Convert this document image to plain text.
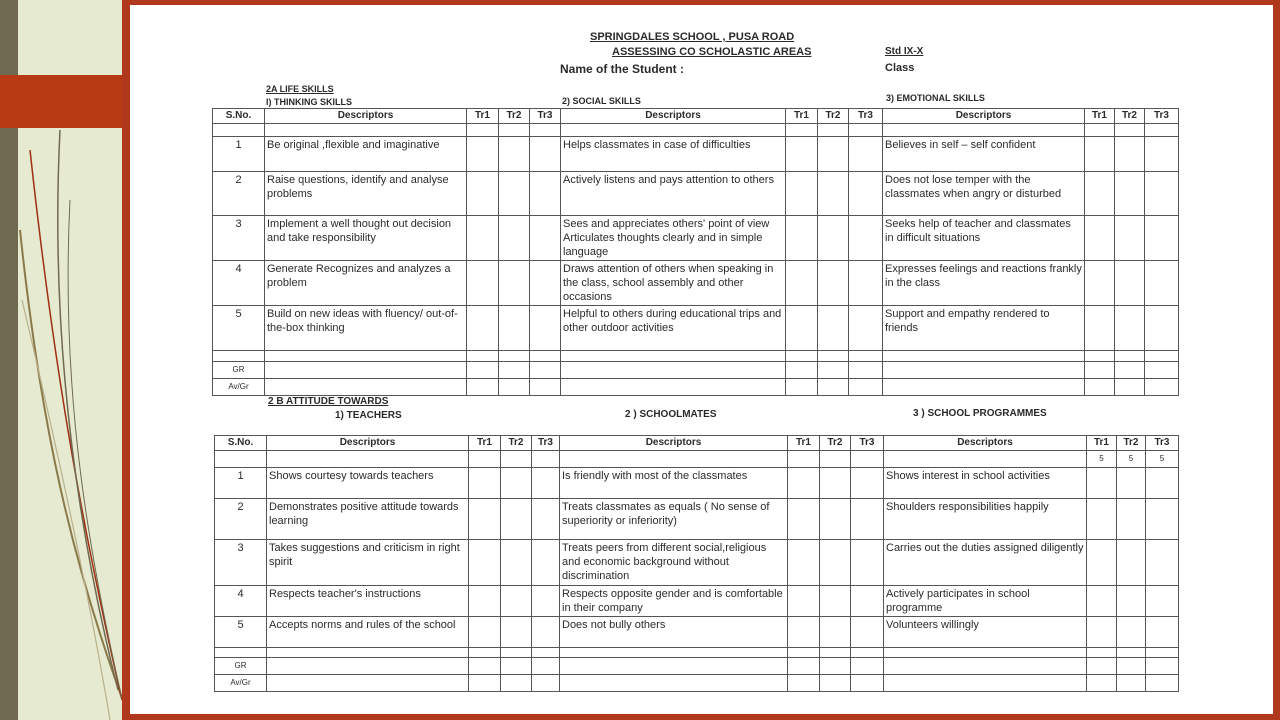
SPRINGDALES SCHOOL , PUSA ROAD
ASSESSING CO SCHOLASTIC AREAS
Name of the Student :
Std IX-X
Class
2A LIFE SKILLS
I) THINKING SKILLS	2) SOCIAL SKILLS	3) EMOTIONAL SKILLS
S.No.	Descriptors	Tr1	Tr2	Tr3	Descriptors	Tr1	Tr2	Tr3	Descriptors	Tr1	Tr2	Tr3

1	Be original ,flexible and imaginative				Helps classmates in case of difficulties				Believes in self – self confident			
2	Raise questions, identify and analyse problems				Actively listens and pays attention to others				Does not lose temper with the classmates when angry or disturbed			
3	Implement a well thought out decision and take responsibility				Sees and appreciates others' point of view Articulates thoughts clearly and in simple language				Seeks help of teacher and classmates in difficult situations			
4	Generate Recognizes and analyzes a problem				Draws attention of others when speaking in the class, school assembly and other occasions				Expresses feelings and reactions frankly in the class			
5	Build on new ideas with fluency/ out-of-the-box thinking				Helpful to others during educational trips and other outdoor activities				Support and empathy rendered to friends			

GR												
Av/Gr												
2 B ATTITUDE TOWARDS
1) TEACHERS	2 ) SCHOOLMATES	3 ) SCHOOL PROGRAMMES
S.No.	Descriptors	Tr1	Tr2	Tr3	Descriptors	Tr1	Tr2	Tr3	Descriptors	Tr1	Tr2	Tr3
										5	5	5
1	Shows courtesy towards teachers				Is friendly with most of the classmates				Shows interest in school activities			
2	Demonstrates positive attitude towards learning				Treats classmates as equals ( No sense of superiority or inferiority)				Shoulders responsibilities happily			
3	Takes suggestions and criticism in right spirit				Treats peers from different social,religious and economic background without discrimination				Carries out the duties assigned diligently			
4	Respects teacher's instructions				Respects opposite gender and is comfortable in their company				Actively participates in school programme			
5	Accepts norms and rules of the school				Does not bully others				Volunteers willingly			

GR												
Av/Gr												
